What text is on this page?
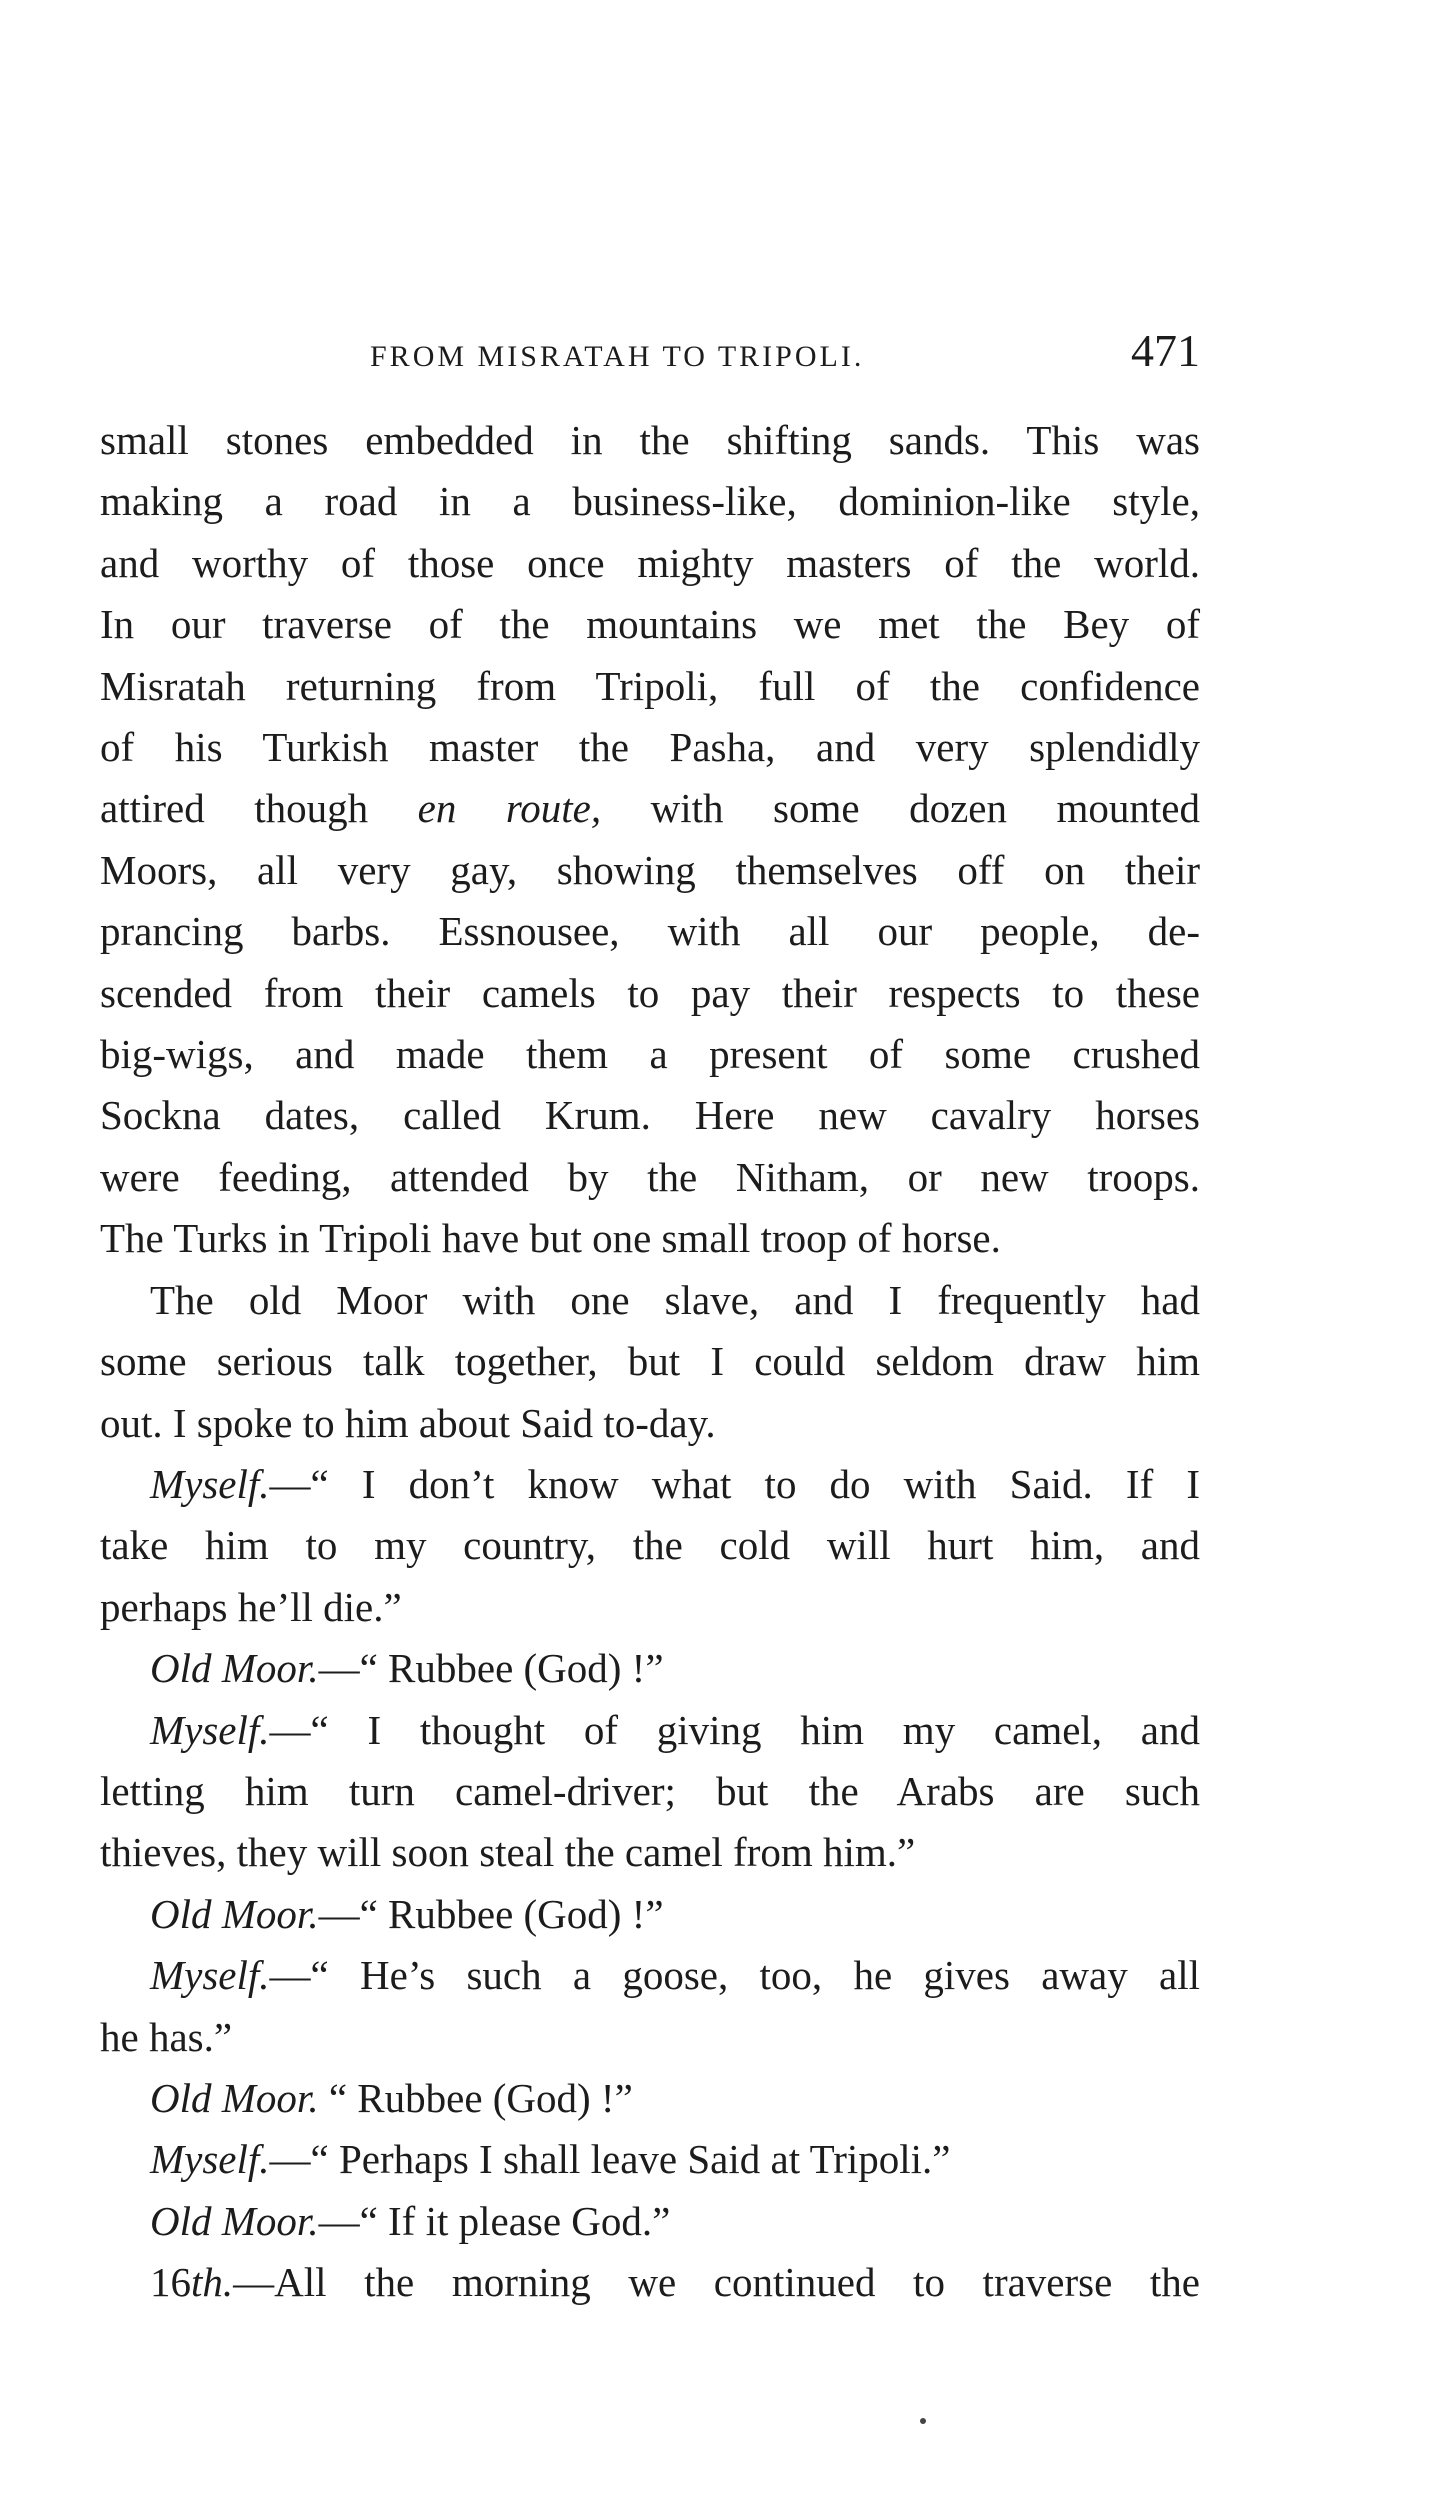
FROM MISRATAH TO TRIPOLI.	471
small stones embedded in the shifting sands. This was
making a road in a business-like, dominion-like style,
and worthy of those once mighty masters of the world.
In our traverse of the mountains we met the Bey of
Misratah returning from Tripoli, full of the confidence
of his Turkish master the Pasha, and very splendidly
attired though en route, with some dozen mounted
Moors, all very gay, showing themselves off on their
prancing barbs. Essnousee, with all our people, de-
scended from their camels to pay their respects to these
big-wigs, and made them a present of some crushed
Sockna dates, called Krum. Here new cavalry horses
were feeding, attended by the Nitham, or new troops.
The Turks in Tripoli have but one small troop of horse.
The old Moor with one slave, and I frequently had
some serious talk together, but I could seldom draw him
out. I spoke to him about Said to-day.
Myself.—“ I don’t know what to do with Said. If I
take him to my country, the cold will hurt him, and
perhaps he’ll die.”
Old Moor.—“ Rubbee (God) !”
Myself.—“ I thought of giving him my camel, and
letting him turn camel-driver; but the Arabs are such
thieves, they will soon steal the camel from him.”
Old Moor.—“ Rubbee (God) !”
Myself.—“ He’s such a goose, too, he gives away all
he has.”
Old Moor. “ Rubbee (God) !”
Myself.—“ Perhaps I shall leave Said at Tripoli.”
Old Moor.—“ If it please God.”
16th.—All the morning we continued to traverse the
